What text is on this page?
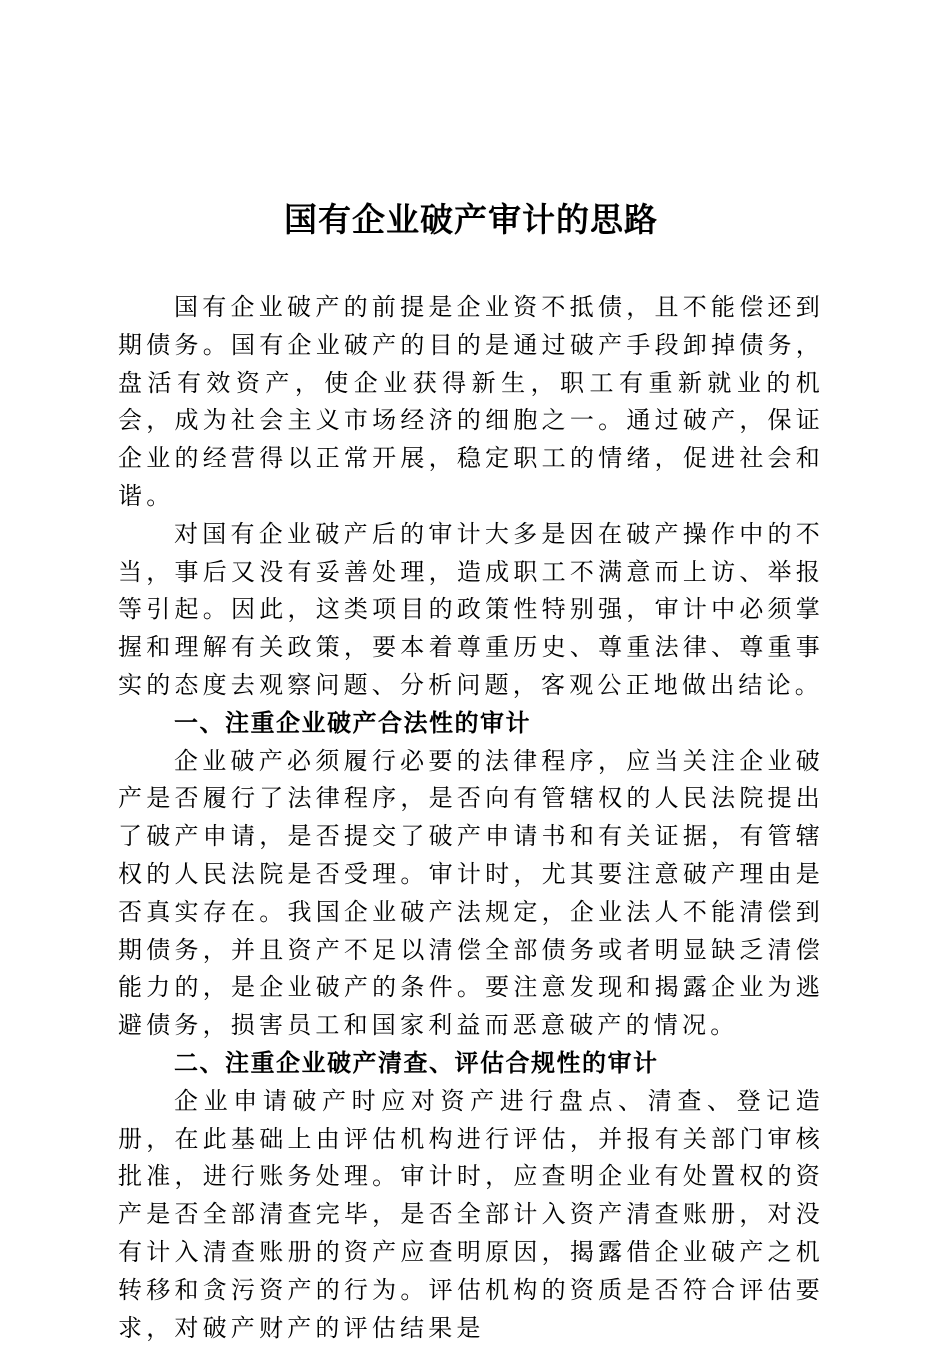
国有企业破产审计的思路

国有企业破产的前提是企业资不抵债，且不能偿还到期债务。国有企业破产的目的是通过破产手段卸掉债务，盘活有效资产，使企业获得新生，职工有重新就业的机会，成为社会主义市场经济的细胞之一。通过破产，保证企业的经营得以正常开展，稳定职工的情绪，促进社会和谐。

对国有企业破产后的审计大多是因在破产操作中的不当，事后又没有妥善处理，造成职工不满意而上访、举报等引起。因此，这类项目的政策性特别强，审计中必须掌握和理解有关政策，要本着尊重历史、尊重法律、尊重事实的态度去观察问题、分析问题，客观公正地做出结论。

一、注重企业破产合法性的审计

企业破产必须履行必要的法律程序，应当关注企业破产是否履行了法律程序，是否向有管辖权的人民法院提出了破产申请，是否提交了破产申请书和有关证据，有管辖权的人民法院是否受理。审计时，尤其要注意破产理由是否真实存在。我国企业破产法规定，企业法人不能清偿到期债务，并且资产不足以清偿全部债务或者明显缺乏清偿能力的，是企业破产的条件。要注意发现和揭露企业为逃避债务，损害员工和国家利益而恶意破产的情况。

二、注重企业破产清查、评估合规性的审计

企业申请破产时应对资产进行盘点、清查、登记造册，在此基础上由评估机构进行评估，并报有关部门审核批准，进行账务处理。审计时，应查明企业有处置权的资产是否全部清查完毕，是否全部计入资产清查账册，对没有计入清查账册的资产应查明原因，揭露借企业破产之机转移和贪污资产的行为。评估机构的资质是否符合评估要求，对破产财产的评估结果是
